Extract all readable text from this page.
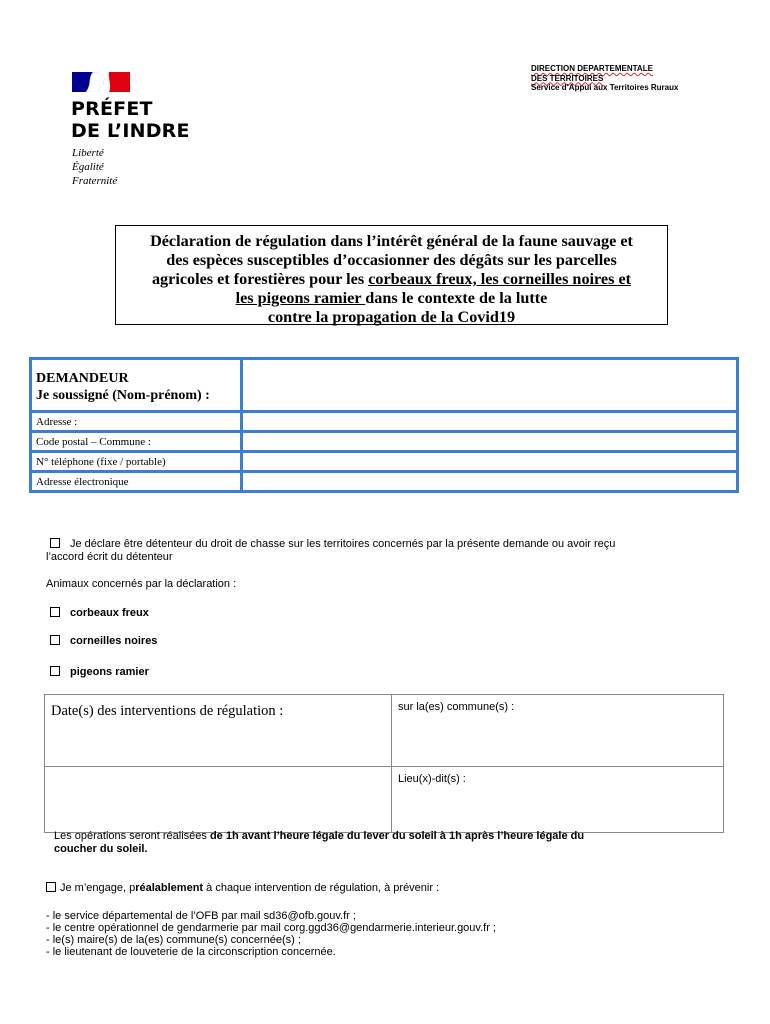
PRÉFET
DE L’INDRE
Liberté
Égalité
Fraternité
DIRECTION DEPARTEMENTALE
DES TERRITOIRES
Service d’Appui aux Territoires Ruraux
Déclaration de régulation dans l’intérêt général de la faune sauvage et
des espèces susceptibles d’occasionner des dégâts sur les parcelles
agricoles et forestières pour les corbeaux freux, les corneilles noires et
les pigeons ramier dans le contexte de la lutte
contre la propagation de la Covid19
DEMANDEUR
Je soussigné (Nom-prénom) :	

Adresse :	
Code postal – Commune :	
N° téléphone (fixe / portable)	
Adresse électronique	
Je déclare être détenteur du droit de chasse sur les territoires concernés par la présente demande ou avoir reçu
l’accord écrit du détenteur
Animaux concernés par la déclaration :
corbeaux freux
corneilles noires
pigeons ramier
Date(s) des interventions de régulation :	sur la(es) commune(s) :
	Lieu(x)-dit(s) :
Les opérations seront réalisées de 1h avant l’heure légale du lever du soleil à 1h après l’heure légale du
coucher du soleil.
Je m’engage, préalablement à chaque intervention de régulation, à prévenir :
- le service départemental de l’OFB par mail sd36@ofb.gouv.fr ;
- le centre opérationnel de gendarmerie par mail corg.ggd36@gendarmerie.interieur.gouv.fr ;
- le(s) maire(s) de la(es) commune(s) concernée(s) ;
- le lieutenant de louveterie de la circonscription concernée.
